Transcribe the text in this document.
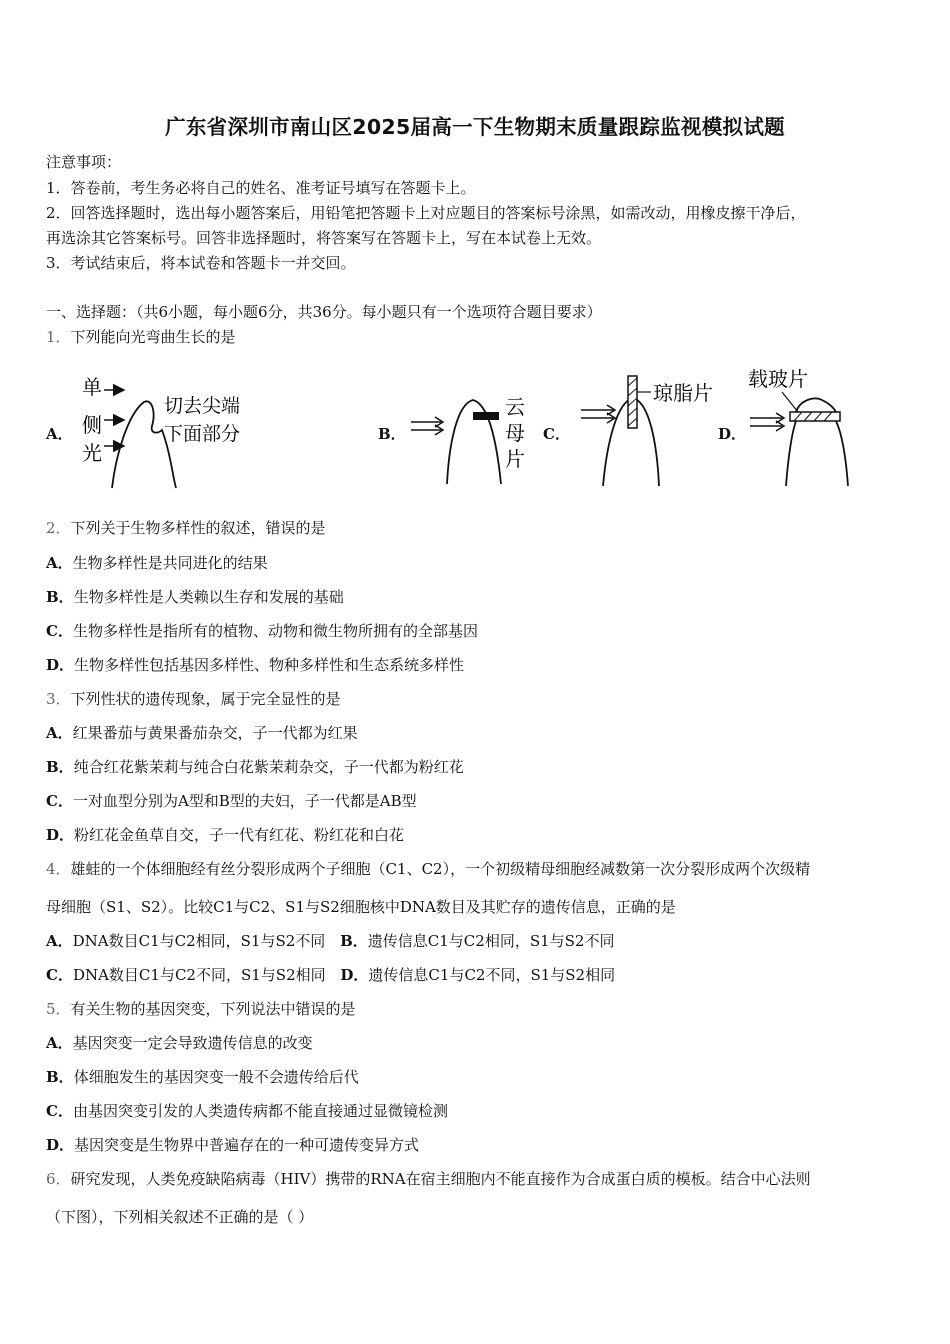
广东省深圳市南山区2025届高一下生物期末质量跟踪监视模拟试题
注意事项：
1．答卷前，考生务必将自己的姓名、准考证号填写在答题卡上。
2．回答选择题时，选出每小题答案后，用铅笔把答题卡上对应题目的答案标号涂黑，如需改动，用橡皮擦干净后，
再选涂其它答案标号。回答非选择题时，将答案写在答题卡上，写在本试卷上无效。
3．考试结束后，将本试卷和答题卡一并交回。
一、选择题：（共6小题，每小题6分，共36分。每小题只有一个选项符合题目要求）
1．下列能向光弯曲生长的是
A．	B．	C．	D．
单
侧
光
切去尖端
下面部分
云
母
片
琼脂片
载玻片
2．下列关于生物多样性的叙述，错误的是
A．生物多样性是共同进化的结果
B．生物多样性是人类赖以生存和发展的基础
C．生物多样性是指所有的植物、动物和微生物所拥有的全部基因
D．生物多样性包括基因多样性、物种多样性和生态系统多样性
3．下列性状的遗传现象，属于完全显性的是
A．红果番茄与黄果番茄杂交，子一代都为红果
B．纯合红花紫茉莉与纯合白花紫茉莉杂交，子一代都为粉红花
C．一对血型分别为A型和B型的夫妇，子一代都是AB型
D．粉红花金鱼草自交，子一代有红花、粉红花和白花
4．雄蛙的一个体细胞经有丝分裂形成两个子细胞（C1、C2），一个初级精母细胞经减数第一次分裂形成两个次级精
母细胞（S1、S2）。比较C1与C2、S1与S2细胞核中DNA数目及其贮存的遗传信息，正确的是
A．DNA数目C1与C2相同，S1与S2不同 B．遗传信息C1与C2相同，S1与S2不同
C．DNA数目C1与C2不同，S1与S2相同 D．遗传信息C1与C2不同，S1与S2相同
5．有关生物的基因突变，下列说法中错误的是
A．基因突变一定会导致遗传信息的改变
B．体细胞发生的基因突变一般不会遗传给后代
C．由基因突变引发的人类遗传病都不能直接通过显微镜检测
D．基因突变是生物界中普遍存在的一种可遗传变异方式
6．研究发现，人类免疫缺陷病毒（HIV）携带的RNA在宿主细胞内不能直接作为合成蛋白质的模板。结合中心法则
（下图），下列相关叙述不正确的是（ ）
